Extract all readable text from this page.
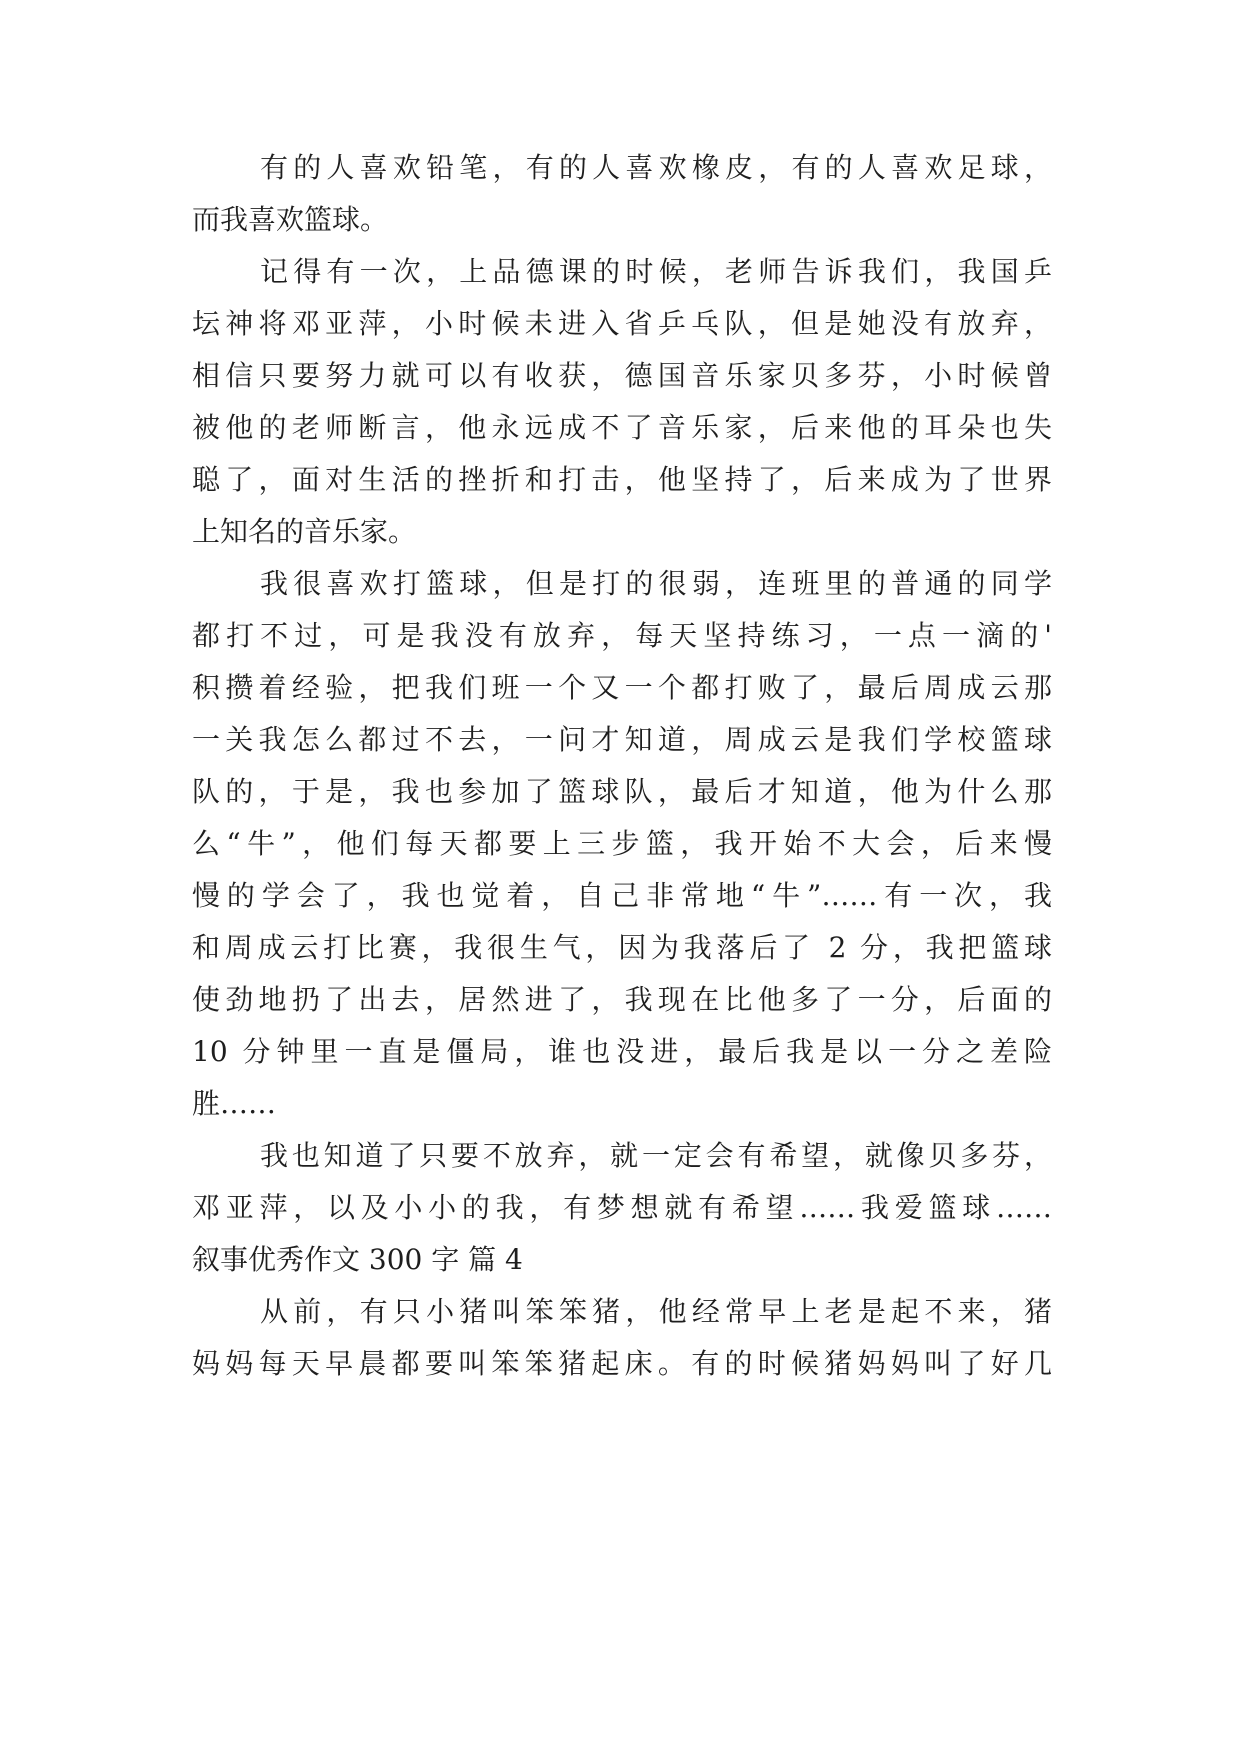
有的人喜欢铅笔，有的人喜欢橡皮，有的人喜欢足球，

而我喜欢篮球。

记得有一次，上品德课的时候，老师告诉我们，我国乒

坛神将邓亚萍，小时候未进入省乒乓队，但是她没有放弃，

相信只要努力就可以有收获，德国音乐家贝多芬，小时候曾

被他的老师断言，他永远成不了音乐家，后来他的耳朵也失

聪了，面对生活的挫折和打击，他坚持了，后来成为了世界

上知名的音乐家。

我很喜欢打篮球，但是打的很弱，连班里的普通的同学

都打不过，可是我没有放弃，每天坚持练习，一点一滴的'

积攒着经验，把我们班一个又一个都打败了，最后周成云那

一关我怎么都过不去，一问才知道，周成云是我们学校篮球

队的，于是，我也参加了篮球队，最后才知道，他为什么那

么“牛”，他们每天都要上三步篮，我开始不大会，后来慢

慢的学会了，我也觉着，自己非常地“牛”……有一次，我

和周成云打比赛，我很生气，因为我落后了 2 分，我把篮球

使劲地扔了出去，居然进了，我现在比他多了一分，后面的

10 分钟里一直是僵局，谁也没进，最后我是以一分之差险

胜……

我也知道了只要不放弃，就一定会有希望，就像贝多芬，

邓亚萍，以及小小的我，有梦想就有希望……我爱篮球……

叙事优秀作文 300 字 篇 4

从前，有只小猪叫笨笨猪，他经常早上老是起不来，猪

妈妈每天早晨都要叫笨笨猪起床。有的时候猪妈妈叫了好几
